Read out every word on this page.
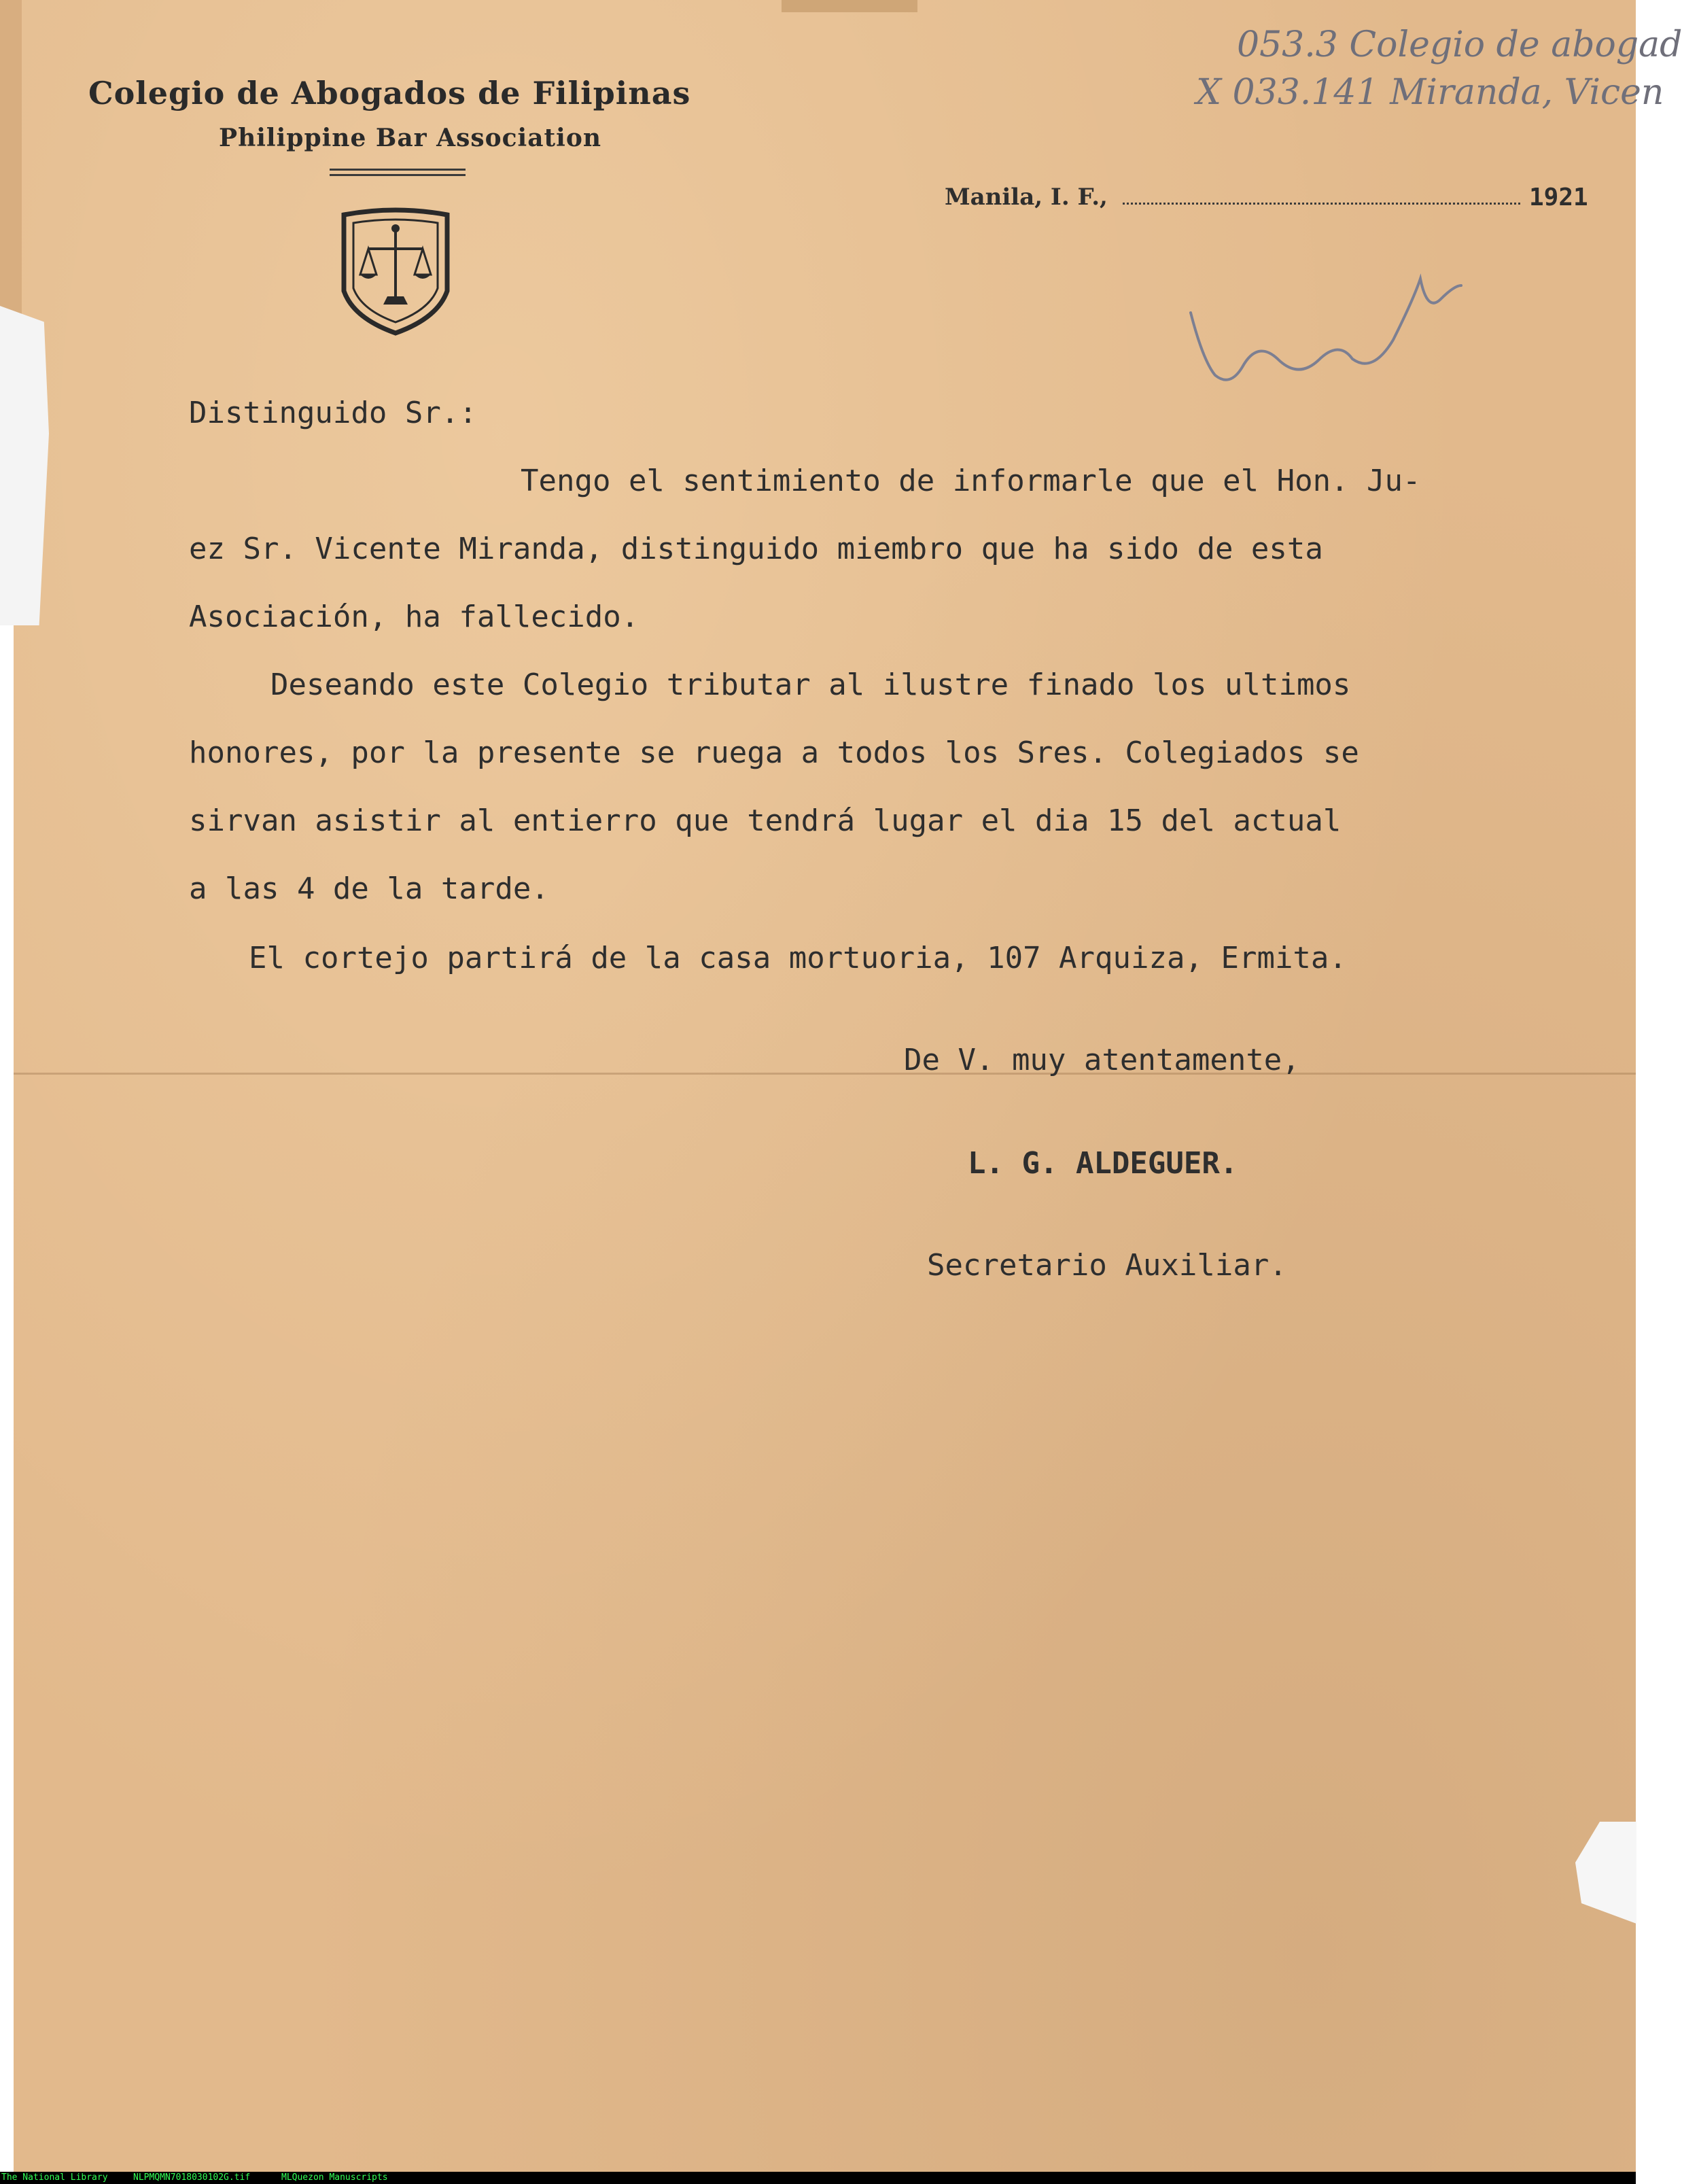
Colegio de Abogados de Filipinas
Philippine Bar Association
Manila, I. F.,	1921
053.3 Colegio de abogad
X 033.141 Miranda, Vicen
Distinguido Sr.:
Tengo el sentimiento de informarle que el Hon. Ju-
ez Sr. Vicente Miranda, distinguido miembro que ha sido de esta
Asociación, ha fallecido.
Deseando este Colegio tributar al ilustre finado los ultimos
honores, por la presente se ruega a todos los Sres. Colegiados se
sirvan asistir al entierro que tendrá lugar el dia 15 del actual
a las 4 de la tarde.
El cortejo partirá de la casa mortuoria, 107 Arquiza, Ermita.
De V. muy atentamente,
L. G. ALDEGUER.
Secretario Auxiliar.
The National Library	NLPMQMN7018030102G.tif	MLQuezon Manuscripts
